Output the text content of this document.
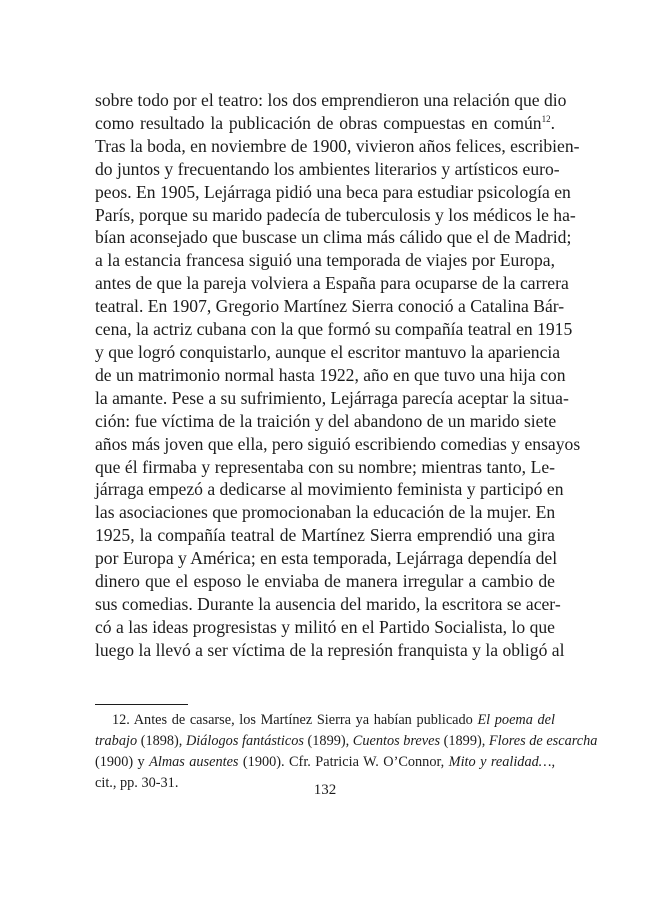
sobre todo por el teatro: los dos emprendieron una relación que dio
como resultado la publicación de obras compuestas en común$^{12}$.
Tras la boda, en noviembre de 1900, vivieron años felices, escribien-
do juntos y frecuentando los ambientes literarios y artísticos euro-
peos. En 1905, Lejárraga pidió una beca para estudiar psicología en
París, porque su marido padecía de tuberculosis y los médicos le ha-
bían aconsejado que buscase un clima más cálido que el de Madrid;
a la estancia francesa siguió una temporada de viajes por Europa,
antes de que la pareja volviera a España para ocuparse de la carrera
teatral. En 1907, Gregorio Martínez Sierra conoció a Catalina Bár-
cena, la actriz cubana con la que formó su compañía teatral en 1915
y que logró conquistarlo, aunque el escritor mantuvo la apariencia
de un matrimonio normal hasta 1922, año en que tuvo una hija con
la amante. Pese a su sufrimiento, Lejárraga parecía aceptar la situa-
ción: fue víctima de la traición y del abandono de un marido siete
años más joven que ella, pero siguió escribiendo comedias y ensayos
que él firmaba y representaba con su nombre; mientras tanto, Le-
járraga empezó a dedicarse al movimiento feminista y participó en
las asociaciones que promocionaban la educación de la mujer. En
1925, la compañía teatral de Martínez Sierra emprendió una gira
por Europa y América; en esta temporada, Lejárraga dependía del
dinero que el esposo le enviaba de manera irregular a cambio de
sus comedias. Durante la ausencia del marido, la escritora se acer-
có a las ideas progresistas y militó en el Partido Socialista, lo que
luego la llevó a ser víctima de la represión franquista y la obligó al
12. Antes de casarse, los Martínez Sierra ya habían publicado El poema del
trabajo (1898), Diálogos fantásticos (1899), Cuentos breves (1899), Flores de escarcha
(1900) y Almas ausentes (1900). Cfr. Patricia W. O’Connor, Mito y realidad…,
cit., pp. 30-31.	132
